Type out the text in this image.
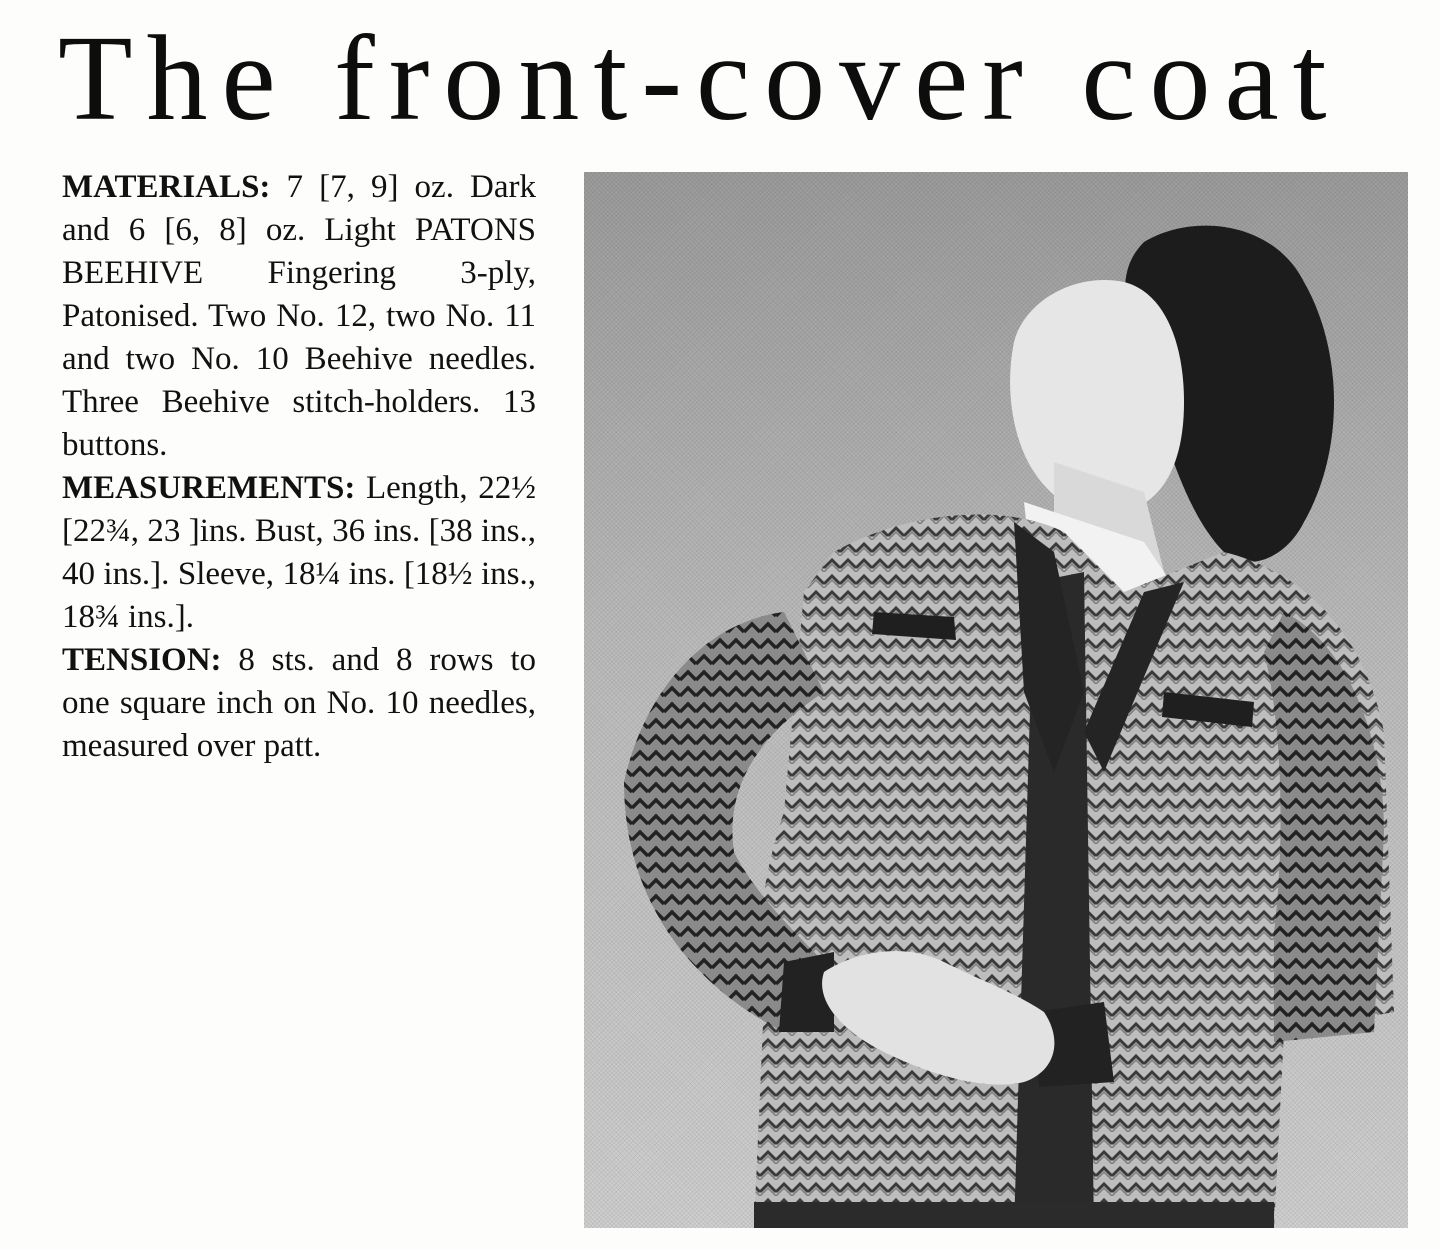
The front-cover coat

MATERIALS: 7 [7, 9] oz. Dark and 6 [6, 8] oz. Light PATONS BEEHIVE Fingering 3-ply, Patonised. Two No. 12, two No. 11 and two No. 10 Beehive needles. Three Beehive stitch-holders. 13 buttons.

MEASUREMENTS: Length, 22½ [22¾, 23 ]ins. Bust, 36 ins. [38 ins., 40 ins.]. Sleeve, 18¼ ins. [18½ ins., 18¾ ins.].

TENSION: 8 sts. and 8 rows to one square inch on No. 10 needles, measured over patt.
